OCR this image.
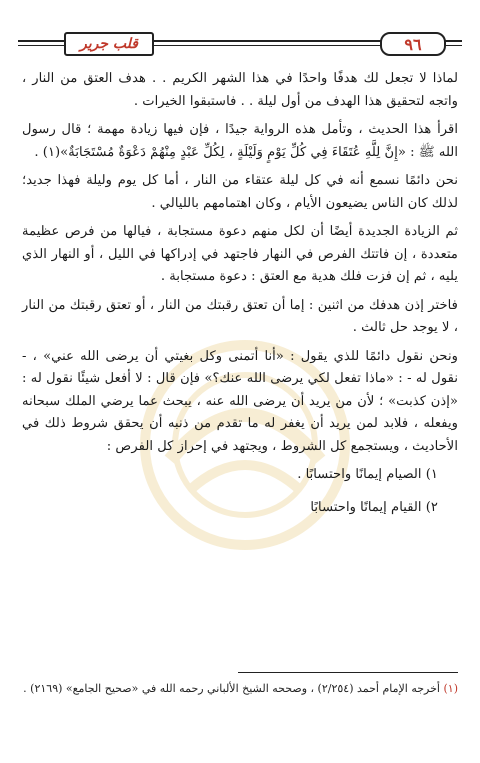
قلب جرير	٩٦

لماذا لا تجعل لك هدفًا واحدًا في هذا الشهر الكريم . . هدف العتق من النار ، واتجه لتحقيق هذا الهدف من أول ليلة . . فاستبقوا الخيرات .

اقرأ هذا الحديث ، وتأمل هذه الرواية جيدًا ، فإن فيها زيادة مهمة ؛ قال رسول الله ﷺ : «إِنَّ لِلَّهِ عُتَقَاءَ فِي كُلِّ يَوْمٍ وَلَيْلَةٍ ، لِكُلِّ عَبْدٍ مِنْهُمْ دَعْوَةٌ مُسْتَجَابَةٌ»(١) .

نحن دائمًا نسمع أنه في كل ليلة عتقاء من النار ، أما كل يوم وليلة فهذا جديد؛ لذلك كان الناس يضيعون الأيام ، وكان اهتمامهم بالليالي .

ثم الزيادة الجديدة أيضًا أن لكل منهم دعوة مستجابة ، فيالها من فرص عظيمة متعددة ، إن فاتتك الفرص في النهار فاجتهد في إدراكها في الليل ، أو النهار الذي يليه ، ثم إن فزت فلك هدية مع العتق : دعوة مستجابة .

فاختر إذن هدفك من اثنين : إما أن تعتق رقبتك من النار ، أو تعتق رقبتك من النار ، لا يوجد حل ثالث .

ونحن نقول دائمًا للذي يقول : «أنا أتمنى وكل بغيتي أن يرضى الله عني» ، - نقول له - : «ماذا تفعل لكي يرضى الله عنك؟» فإن قال : لا أفعل شيئًا نقول له : «إذن كذبت» ؛ لأن من يريد أن يرضى الله عنه ، يبحث عما يرضي الملك سبحانه ويفعله ، فلابد لمن يريد أن يغفر له ما تقدم من ذنبه أن يحقق شروط ذلك في الأحاديث ، ويستجمع كل الشروط ، ويجتهد في إحراز كل الفرص :

١) الصيام إيمانًا واحتسابًا .
٢) القيام إيمانًا واحتسابًا
(١) أخرجه الإمام أحمد (٢/٢٥٤) ، وصححه الشيخ الألباني رحمه الله في «صحيح الجامع» (٢١٦٩) .
